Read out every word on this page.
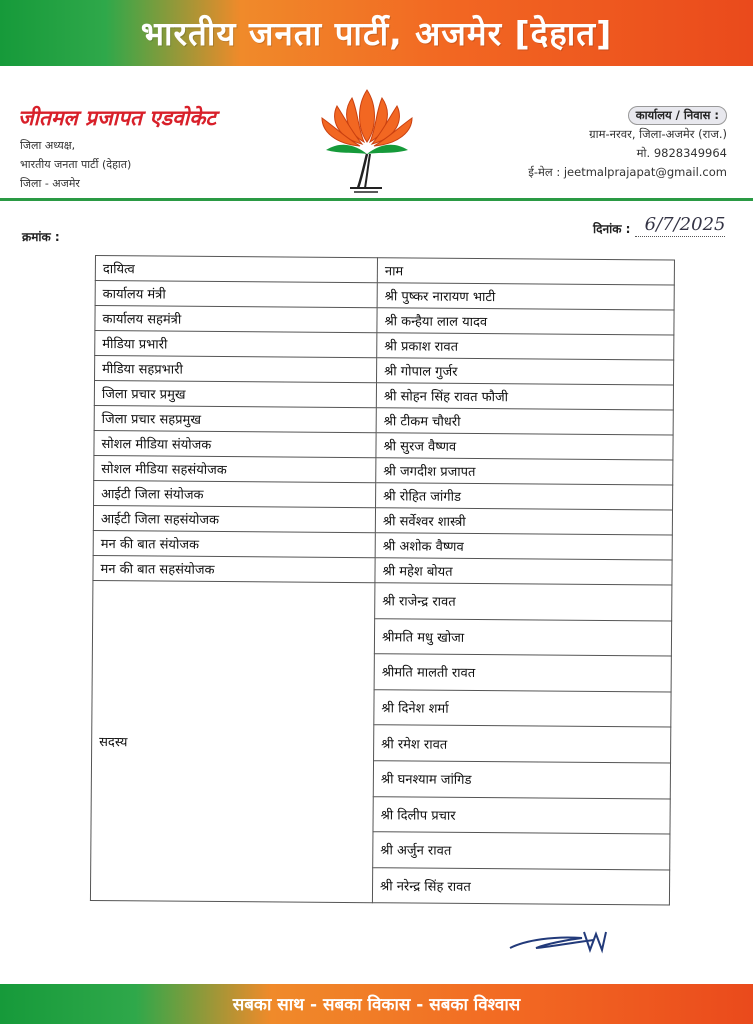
भारतीय जनता पार्टी, अजमेर [देहात]
जीतमल प्रजापत एडवोकेट
जिला अध्यक्ष,
भारतीय जनता पार्टी (देहात)
जिला - अजमेर
कार्यालय / निवास :
ग्राम-नरवर, जिला-अजमेर (राज.)
मो. 9828349964
ई-मेल : jeetmalprajapat@gmail.com
क्रमांक :
दिनांक : 6/7/2025
दायित्व	नाम
कार्यालय मंत्री	श्री पुष्कर नारायण भाटी
कार्यालय सहमंत्री	श्री कन्हैया लाल यादव
मीडिया प्रभारी	श्री प्रकाश रावत
मीडिया सहप्रभारी	श्री गोपाल गुर्जर
जिला प्रचार प्रमुख	श्री सोहन सिंह रावत फौजी
जिला प्रचार सहप्रमुख	श्री टीकम चौधरी
सोशल मीडिया संयोजक	श्री सुरज वैष्णव
सोशल मीडिया सहसंयोजक	श्री जगदीश प्रजापत
आईटी जिला संयोजक	श्री रोहित जांगीड
आईटी जिला सहसंयोजक	श्री सर्वेश्वर शास्त्री
मन की बात संयोजक	श्री अशोक वैष्णव
मन की बात सहसंयोजक	श्री महेश बोयत
सदस्य	श्री राजेन्द्र रावत
	श्रीमति मधु खोजा
	श्रीमति मालती रावत
	श्री दिनेश शर्मा
	श्री रमेश रावत
	श्री घनश्याम जांगिड
	श्री दिलीप प्रचार
	श्री अर्जुन रावत
	श्री नरेन्द्र सिंह रावत
सबका साथ - सबका विकास - सबका विश्वास
